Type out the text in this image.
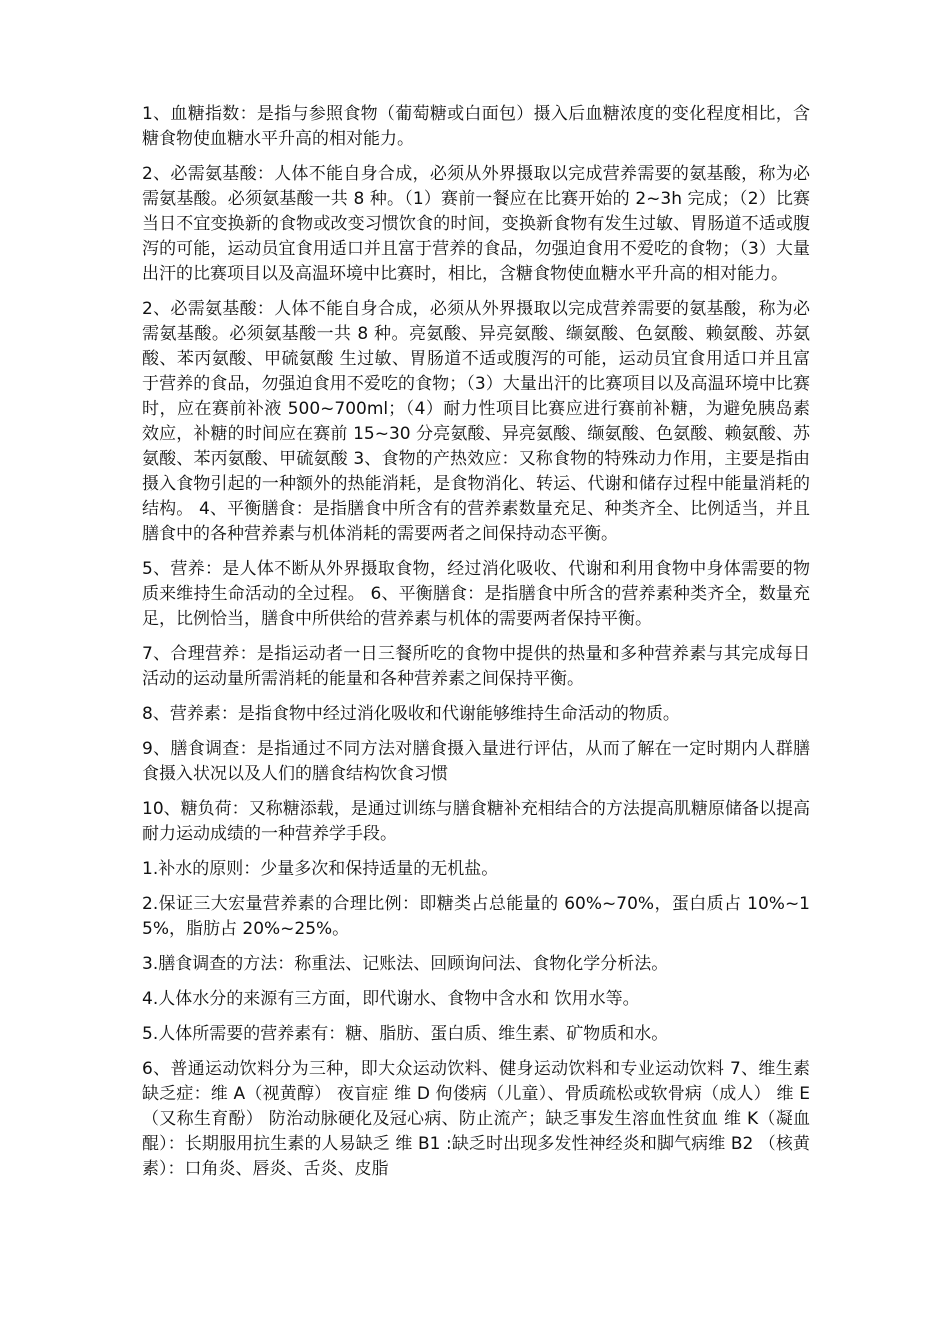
1、血糖指数：是指与参照食物（葡萄糖或白面包）摄入后血糖浓度的变化程度相比，含糖食物使血糖水平升高的相对能力。

2、必需氨基酸：人体不能自身合成，必须从外界摄取以完成营养需要的氨基酸，称为必需氨基酸。必须氨基酸一共 8 种。（1）赛前一餐应在比赛开始的 2~3h 完成；（2）比赛当日不宜变换新的食物或改变习惯饮食的时间，变换新食物有发生过敏、胃肠道不适或腹泻的可能，运动员宜食用适口并且富于营养的食品，勿强迫食用不爱吃的食物；（3）大量出汗的比赛项目以及高温环境中比赛时，相比，含糖食物使血糖水平升高的相对能力。

2、必需氨基酸：人体不能自身合成，必须从外界摄取以完成营养需要的氨基酸，称为必需氨基酸。必须氨基酸一共 8 种。亮氨酸、异亮氨酸、缬氨酸、色氨酸、赖氨酸、苏氨酸、苯丙氨酸、甲硫氨酸 生过敏、胃肠道不适或腹泻的可能，运动员宜食用适口并且富于营养的食品，勿强迫食用不爱吃的食物；（3）大量出汗的比赛项目以及高温环境中比赛时，应在赛前补液 500~700ml；（4）耐力性项目比赛应进行赛前补糖，为避免胰岛素效应，补糖的时间应在赛前 15~30 分亮氨酸、异亮氨酸、缬氨酸、色氨酸、赖氨酸、苏氨酸、苯丙氨酸、甲硫氨酸 3、食物的产热效应：又称食物的特殊动力作用，主要是指由摄入食物引起的一种额外的热能消耗，是食物消化、转运、代谢和储存过程中能量消耗的结构。 4、平衡膳食：是指膳食中所含有的营养素数量充足、种类齐全、比例适当，并且膳食中的各种营养素与机体消耗的需要两者之间保持动态平衡。

5、营养：是人体不断从外界摄取食物，经过消化吸收、代谢和利用食物中身体需要的物质来维持生命活动的全过程。 6、平衡膳食：是指膳食中所含的营养素种类齐全，数量充足，比例恰当，膳食中所供给的营养素与机体的需要两者保持平衡。

7、合理营养：是指运动者一日三餐所吃的食物中提供的热量和多种营养素与其完成每日活动的运动量所需消耗的能量和各种营养素之间保持平衡。

8、营养素：是指食物中经过消化吸收和代谢能够维持生命活动的物质。

9、膳食调查：是指通过不同方法对膳食摄入量进行评估，从而了解在一定时期内人群膳食摄入状况以及人们的膳食结构饮食习惯

10、糖负荷：又称糖添载，是通过训练与膳食糖补充相结合的方法提高肌糖原储备以提高耐力运动成绩的一种营养学手段。

1.补水的原则：少量多次和保持适量的无机盐。

2.保证三大宏量营养素的合理比例：即糖类占总能量的 60%~70%，蛋白质占 10%~15%，脂肪占 20%~25%。

3.膳食调查的方法：称重法、记账法、回顾询问法、食物化学分析法。

4.人体水分的来源有三方面，即代谢水、食物中含水和 饮用水等。

5.人体所需要的营养素有：糖、脂肪、蛋白质、维生素、矿物质和水。

6、普通运动饮料分为三种，即大众运动饮料、健身运动饮料和专业运动饮料 7、维生素缺乏症：维 A（视黄醇） 夜盲症 维 D 佝偻病（儿童）、骨质疏松或软骨病（成人） 维 E（又称生育酚） 防治动脉硬化及冠心病、防止流产；缺乏事发生溶血性贫血 维 K（凝血醌）：长期服用抗生素的人易缺乏 维 B1 :缺乏时出现多发性神经炎和脚气病维 B2 （核黄素）：口角炎、唇炎、舌炎、皮脂
